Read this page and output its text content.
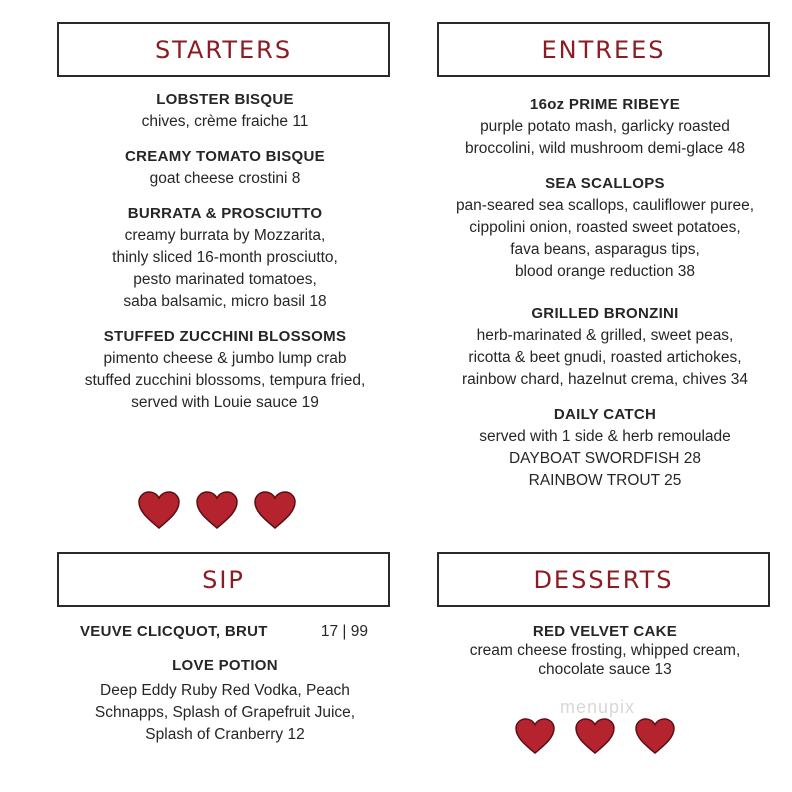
STARTERS	ENTREES
SIP	DESSERTS
LOBSTER BISQUE
chives, crème fraiche 11
CREAMY TOMATO BISQUE
goat cheese crostini 8
BURRATA & PROSCIUTTO
creamy burrata by Mozzarita,
thinly sliced 16-month prosciutto,
pesto marinated tomatoes,
saba balsamic, micro basil 18
STUFFED ZUCCHINI BLOSSOMS
pimento cheese & jumbo lump crab
stuffed zucchini blossoms, tempura fried,
served with Louie sauce 19
16oz PRIME RIBEYE
purple potato mash, garlicky roasted
broccolini, wild mushroom demi-glace 48
SEA SCALLOPS
pan-seared sea scallops, cauliflower puree,
cippolini onion, roasted sweet potatoes,
fava beans, asparagus tips,
blood orange reduction 38
GRILLED BRONZINI
herb-marinated & grilled, sweet peas,
ricotta & beet gnudi, roasted artichokes,
rainbow chard, hazelnut crema, chives 34
DAILY CATCH
served with 1 side & herb remoulade
DAYBOAT SWORDFISH 28
RAINBOW TROUT 25
VEUVE CLICQUOT, BRUT	17 | 99
LOVE POTION
Deep Eddy Ruby Red Vodka, Peach
Schnapps, Splash of Grapefruit Juice,
Splash of Cranberry 12
RED VELVET CAKE
cream cheese frosting, whipped cream,
chocolate sauce 13
menupix
